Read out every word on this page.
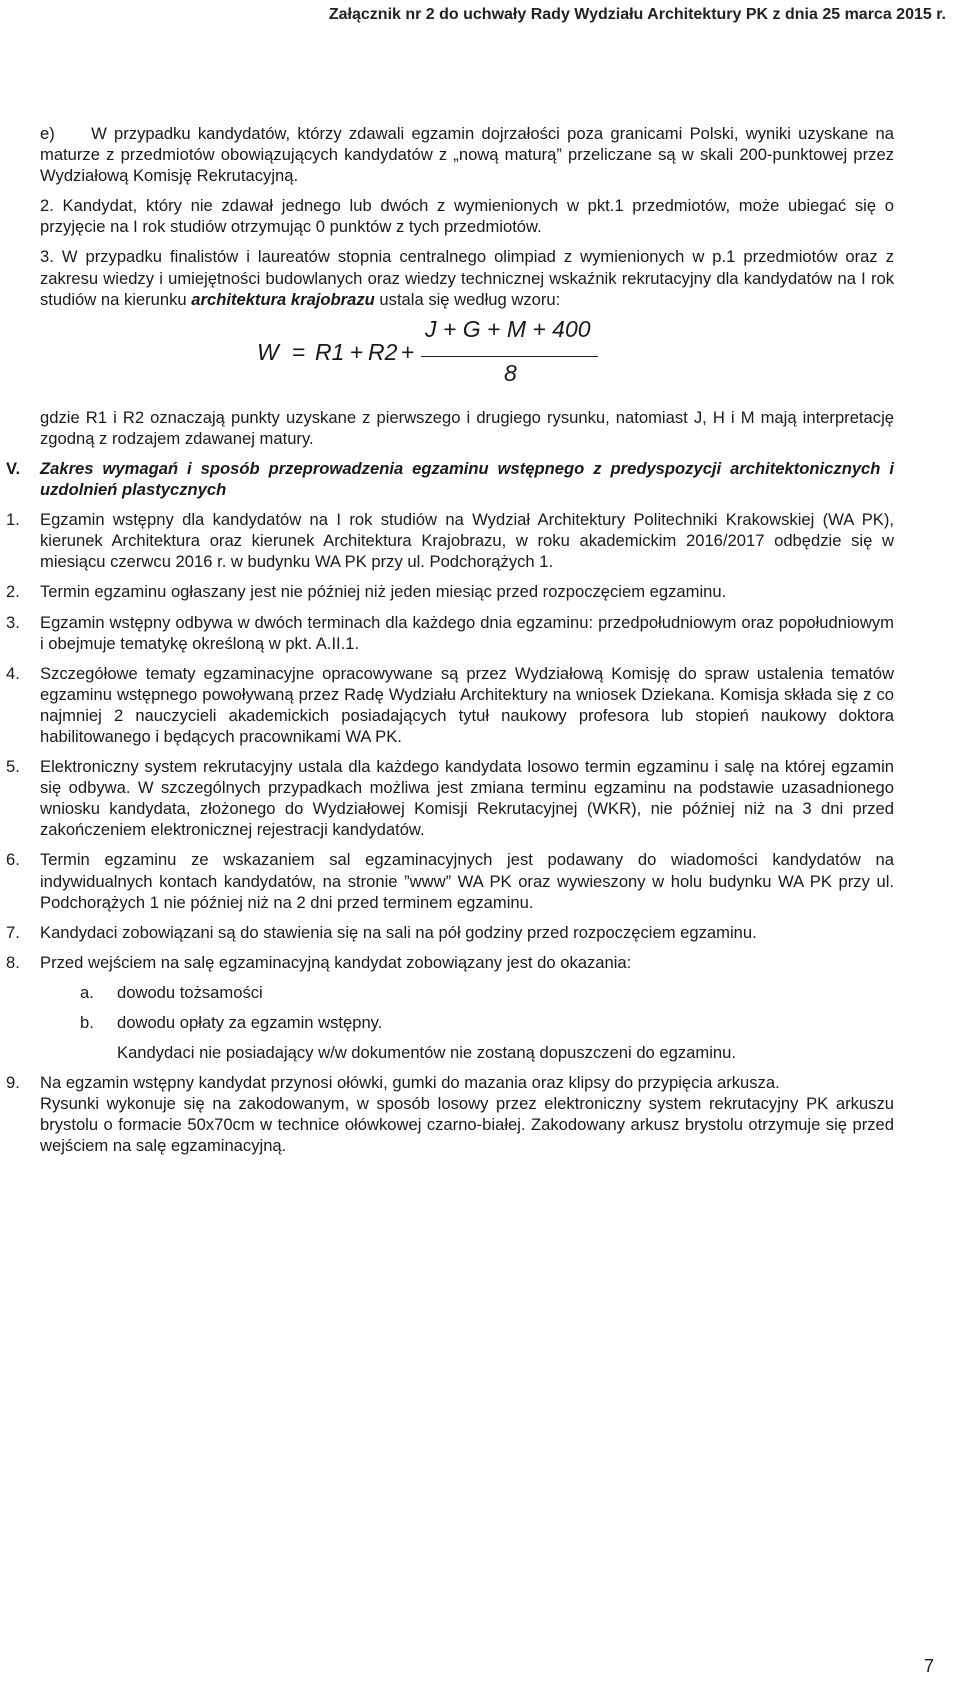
Załącznik nr 2 do uchwały Rady Wydziału Architektury PK z dnia 25 marca 2015 r.
7
e)     W przypadku kandydatów, którzy zdawali egzamin dojrzałości poza granicami Polski, wyniki uzyskane na maturze z przedmiotów obowiązujących kandydatów z „nową maturą” przeliczane są w skali 200-punktowej przez Wydziałową Komisję Rekrutacyjną.
2. Kandydat, który nie zdawał jednego lub dwóch z wymienionych w pkt.1 przedmiotów, może ubiegać się o przyjęcie na I rok studiów otrzymując 0 punktów z tych przedmiotów.
3. W przypadku finalistów i laureatów stopnia centralnego olimpiad z wymienionych w p.1 przedmiotów oraz z zakresu wiedzy i umiejętności budowlanych oraz wiedzy technicznej wskaźnik rekrutacyjny dla kandydatów na I rok studiów na kierunku architektura krajobrazu ustala się według wzoru:
W = R1 + R2 +
J + G + M + 400
8
gdzie R1 i R2 oznaczają punkty uzyskane z pierwszego i drugiego rysunku, natomiast J, H i M mają interpretację zgodną z rodzajem zdawanej matury.
V. Zakres wymagań i sposób przeprowadzenia egzaminu wstępnego z predyspozycji architektonicznych i uzdolnień plastycznych
1. Egzamin wstępny dla kandydatów na I rok studiów na Wydział Architektury Politechniki Krakowskiej (WA PK), kierunek Architektura oraz kierunek Architektura Krajobrazu, w roku akademickim 2016/2017 odbędzie się w miesiącu czerwcu 2016 r. w budynku WA PK przy ul. Podchorążych 1.
2. Termin egzaminu ogłaszany jest nie później niż jeden miesiąc przed rozpoczęciem egzaminu.
3. Egzamin wstępny odbywa w dwóch terminach dla każdego dnia egzaminu: przedpołudniowym oraz popołudniowym i obejmuje tematykę określoną w pkt. A.II.1.
4. Szczegółowe tematy egzaminacyjne opracowywane są przez Wydziałową Komisję do spraw ustalenia tematów egzaminu wstępnego powoływaną przez Radę Wydziału Architektury na wniosek Dziekana. Komisja składa się z co najmniej 2 nauczycieli akademickich posiadających tytuł naukowy profesora lub stopień naukowy doktora habilitowanego i będących pracownikami WA PK.
5. Elektroniczny system rekrutacyjny ustala dla każdego kandydata losowo termin egzaminu i salę na której egzamin się odbywa. W szczególnych przypadkach możliwa jest zmiana terminu egzaminu na podstawie uzasadnionego wniosku kandydata, złożonego do Wydziałowej Komisji Rekrutacyjnej (WKR), nie później niż na 3 dni przed zakończeniem elektronicznej rejestracji kandydatów.
6. Termin egzaminu ze wskazaniem sal egzaminacyjnych jest podawany do wiadomości kandydatów na indywidualnych kontach kandydatów, na stronie ”www” WA PK oraz wywieszony w holu budynku WA PK przy ul. Podchorążych 1 nie później niż na 2 dni przed terminem egzaminu.
7. Kandydaci zobowiązani są do stawienia się na sali na pół godziny przed rozpoczęciem egzaminu.
8. Przed wejściem na salę egzaminacyjną kandydat zobowiązany jest do okazania:
a. dowodu tożsamości
b. dowodu opłaty za egzamin wstępny.
Kandydaci nie posiadający w/w dokumentów nie zostaną dopuszczeni do egzaminu.
9. Na egzamin wstępny kandydat przynosi ołówki, gumki do mazania oraz klipsy do przypięcia arkusza.
Rysunki wykonuje się na zakodowanym, w sposób losowy przez elektroniczny system rekrutacyjny PK arkuszu brystolu o formacie 50x70cm w technice ołówkowej czarno-białej. Zakodowany arkusz brystolu otrzymuje się przed wejściem na salę egzaminacyjną.
